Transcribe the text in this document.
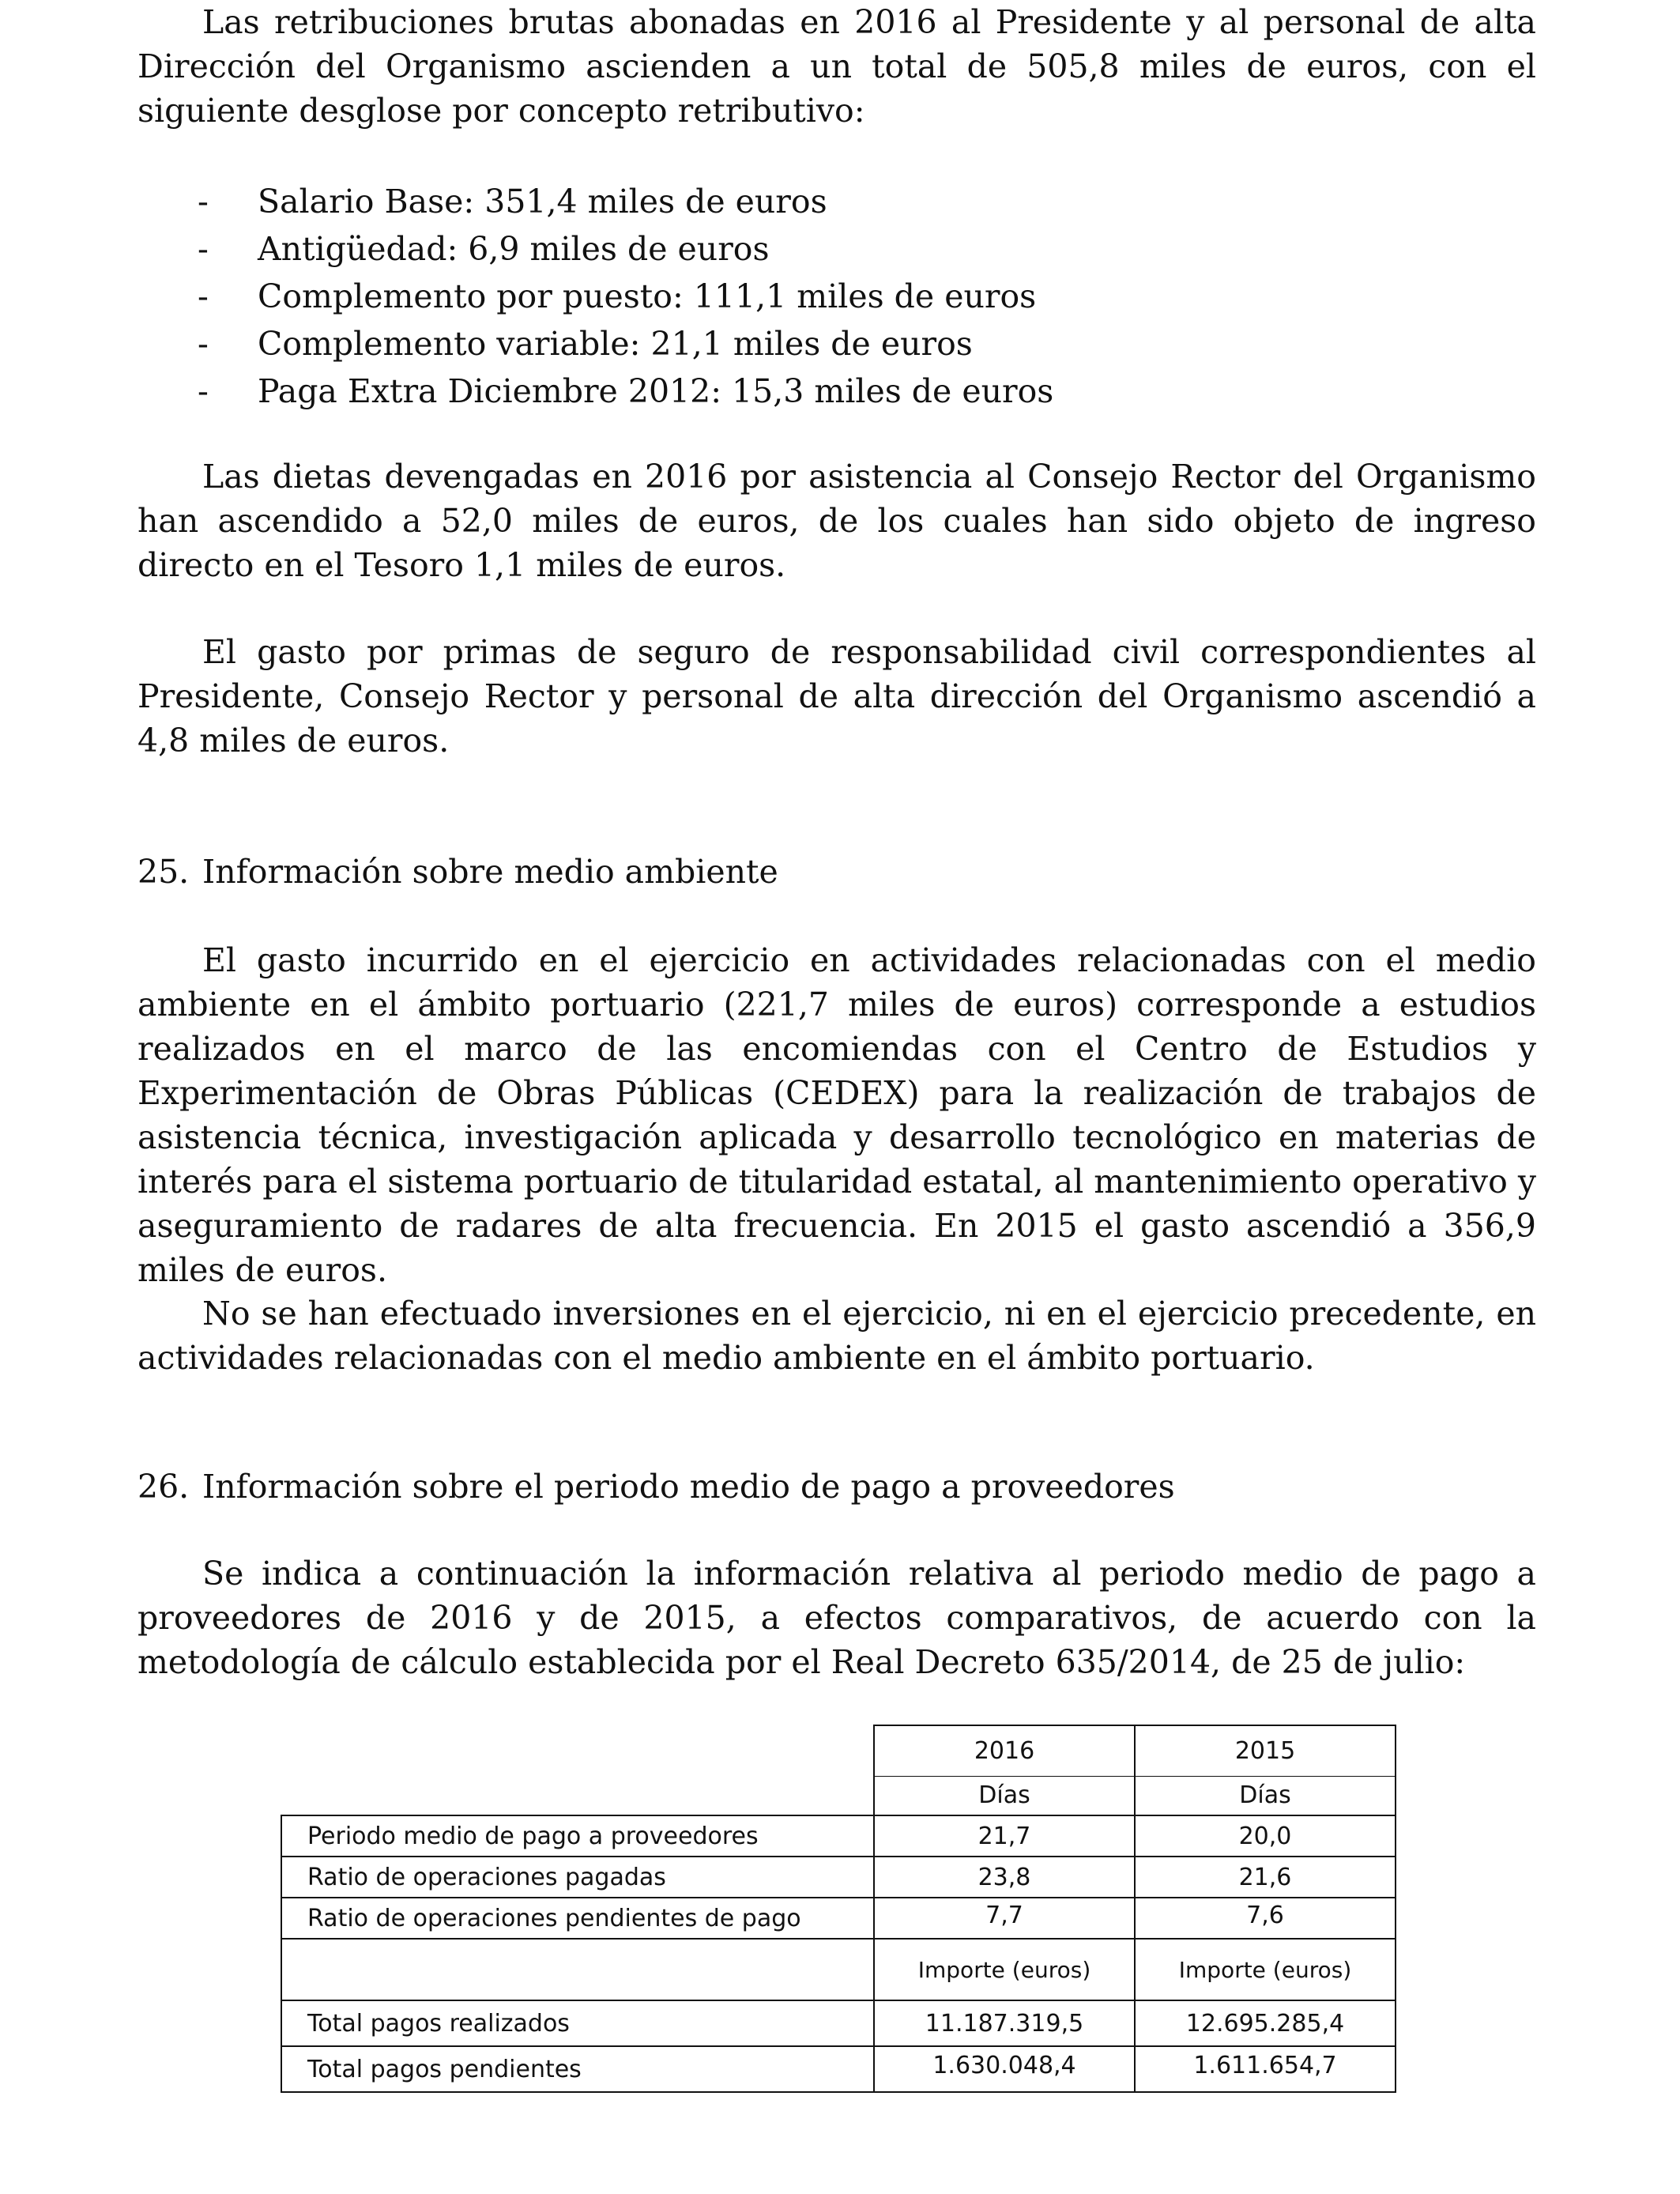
Las retribuciones brutas abonadas en 2016 al Presidente y al personal de alta Dirección del Organismo ascienden a un total de 505,8 miles de euros, con el siguiente desglose por concepto retributivo:

- Salario Base: 351,4 miles de euros
- Antigüedad: 6,9 miles de euros
- Complemento por puesto: 111,1 miles de euros
- Complemento variable: 21,1 miles de euros
- Paga Extra Diciembre 2012: 15,3 miles de euros

Las dietas devengadas en 2016 por asistencia al Consejo Rector del Organismo han ascendido a 52,0 miles de euros, de los cuales han sido objeto de ingreso directo en el Tesoro 1,1 miles de euros.

El gasto por primas de seguro de responsabilidad civil correspondientes al Presidente, Consejo Rector y personal de alta dirección del Organismo ascendió a 4,8 miles de euros.

25. Información sobre medio ambiente

El gasto incurrido en el ejercicio en actividades relacionadas con el medio ambiente en el ámbito portuario (221,7 miles de euros) corresponde a estudios realizados en el marco de las encomiendas con el Centro de Estudios y Experimentación de Obras Públicas (CEDEX) para la realización de trabajos de asistencia técnica, investigación aplicada y desarrollo tecnológico en materias de interés para el sistema portuario de titularidad estatal, al mantenimiento operativo y aseguramiento de radares de alta frecuencia. En 2015 el gasto ascendió a 356,9 miles de euros.

No se han efectuado inversiones en el ejercicio, ni en el ejercicio precedente, en actividades relacionadas con el medio ambiente en el ámbito portuario.

26. Información sobre el periodo medio de pago a proveedores

Se indica a continuación la información relativa al periodo medio de pago a proveedores de 2016 y de 2015, a efectos comparativos, de acuerdo con la metodología de cálculo establecida por el Real Decreto 635/2014, de 25 de julio:

	2016	2015
	Días	Días
Periodo medio de pago a proveedores	21,7	20,0
Ratio de operaciones pagadas	23,8	21,6
Ratio de operaciones pendientes de pago	7,7	7,6
	Importe (euros)	Importe (euros)
Total pagos realizados	11.187.319,5	12.695.285,4
Total pagos pendientes	1.630.048,4	1.611.654,7
